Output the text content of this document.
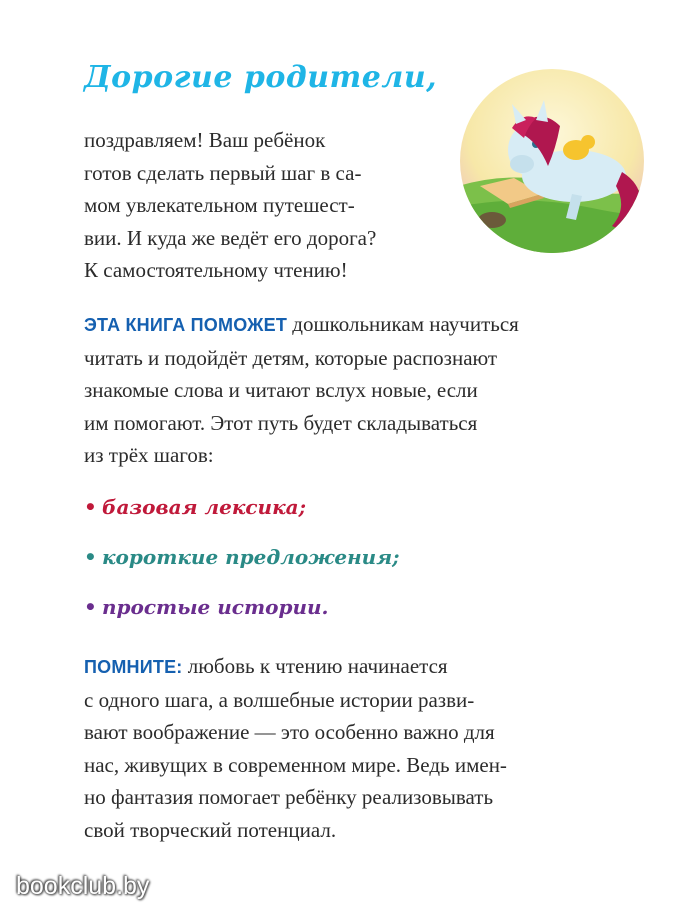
Дорогие родители,
поздравляем! Ваш ребёнок
готов сделать первый шаг в са-
мом увлекательном путешест-
вии. И куда же ведёт его дорога?
К самостоятельному чтению!

ЭТА КНИГА ПОМОЖЕТ дошкольникам научиться
читать и подойдёт детям, которые распознают
знакомые слова и читают вслух новые, если
им помогают. Этот путь будет складываться
из трёх шагов:

• базовая лексика;
• короткие предложения;
• простые истории.

ПОМНИТЕ: любовь к чтению начинается
с одного шага, а волшебные истории разви-
вают воображение — это особенно важно для
нас, живущих в современном мире. Ведь имен-
но фантазия помогает ребёнку реализовывать
свой творческий потенциал.

bookclub.by
